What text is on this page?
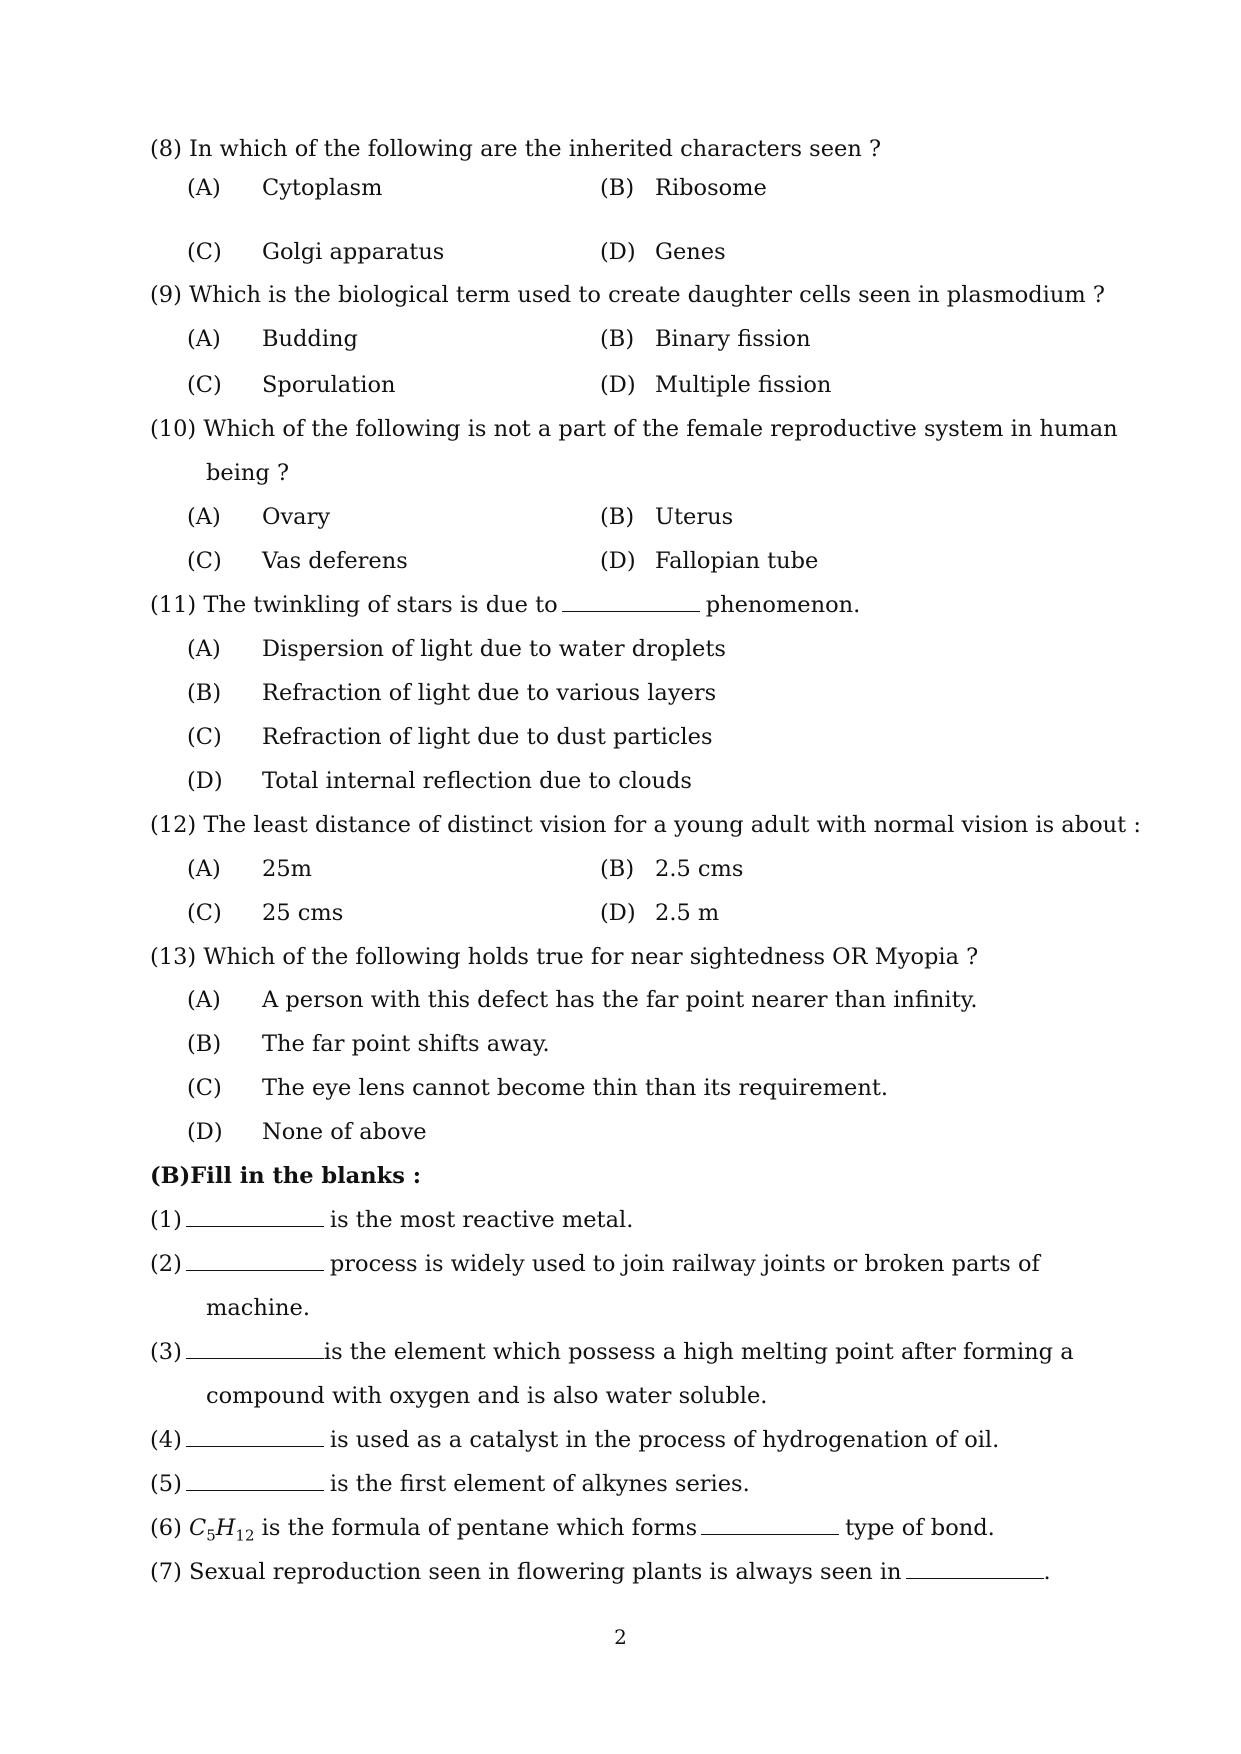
(8) In which of the following are the inherited characters seen ?
(A) Cytoplasm	(B) Ribosome
(C) Golgi apparatus	(D) Genes
(9) Which is the biological term used to create daughter cells seen in plasmodium ?
(A) Budding	(B) Binary fission
(C) Sporulation	(D) Multiple fission
(10) Which of the following is not a part of the female reproductive system in human
being ?
(A) Ovary	(B) Uterus
(C) Vas deferens	(D) Fallopian tube
(11) The twinkling of stars is due to	phenomenon.
(A) Dispersion of light due to water droplets
(B) Refraction of light due to various layers
(C) Refraction of light due to dust particles
(D) Total internal reflection due to clouds
(12) The least distance of distinct vision for a young adult with normal vision is about :
(A) 25m	(B) 2.5 cms
(C) 25 cms	(D) 2.5 m
(13) Which of the following holds true for near sightedness OR Myopia ?
(A) A person with this defect has the far point nearer than infinity.
(B) The far point shifts away.
(C) The eye lens cannot become thin than its requirement.
(D) None of above
(B)Fill in the blanks :
(1)	is the most reactive metal.
(2)	process is widely used to join railway joints or broken parts of
machine.
(3)	is the element which possess a high melting point after forming a
compound with oxygen and is also water soluble.
(4)	is used as a catalyst in the process of hydrogenation of oil.
(5)	is the first element of alkynes series.
(6) $C_5H_{12}$ is the formula of pentane which forms	type of bond.
(7) Sexual reproduction seen in flowering plants is always seen in	.
2
